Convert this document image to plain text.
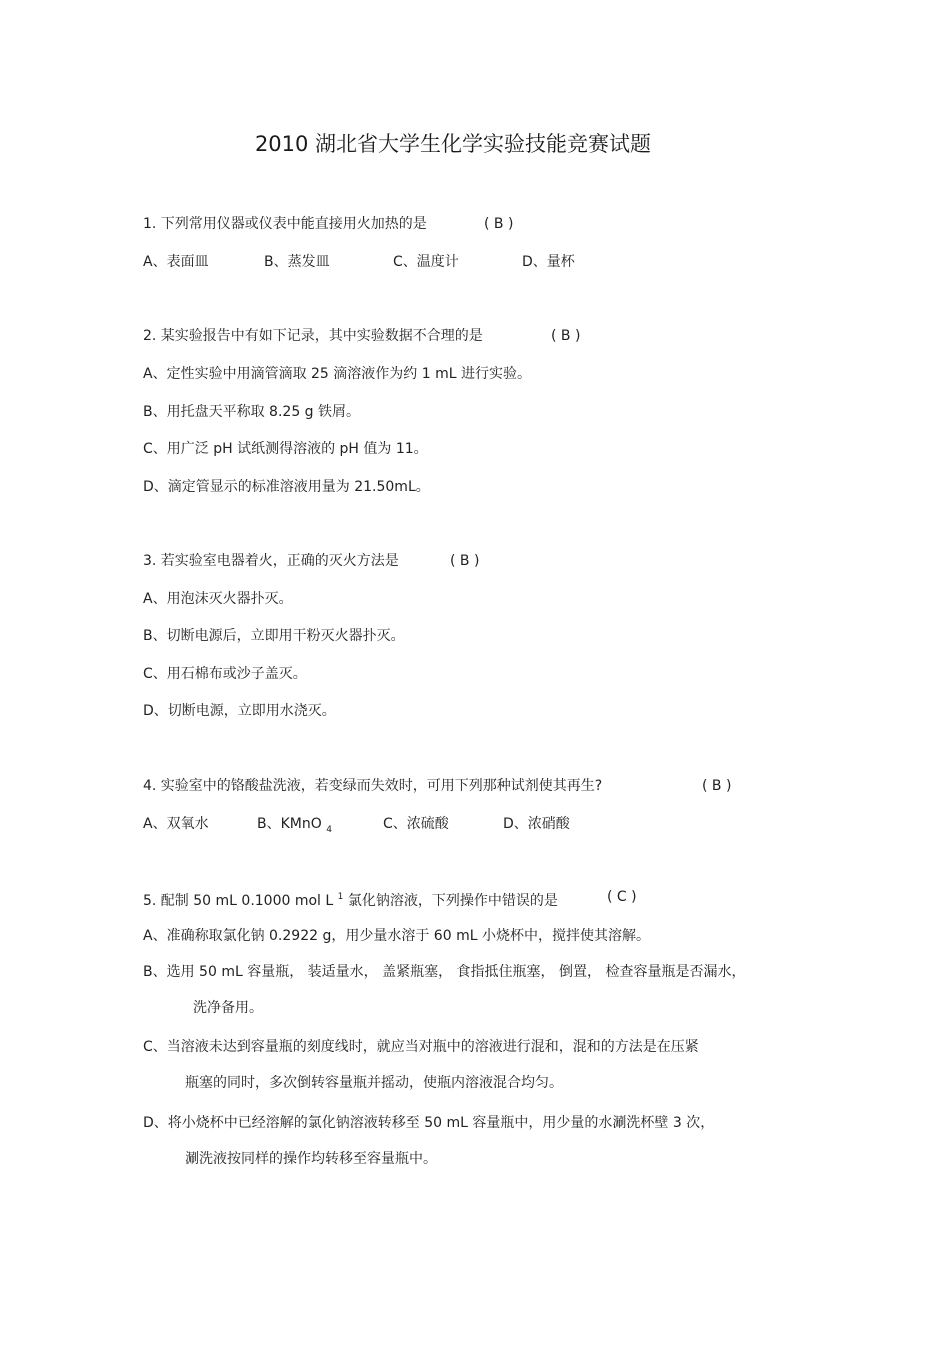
2010 湖北省大学生化学实验技能竞赛试题
1. 下列常用仪器或仪表中能直接用火加热的是	( B )
A、表面皿	B、蒸发皿	C、温度计	D、量杯
2. 某实验报告中有如下记录，其中实验数据不合理的是	( B )
A、定性实验中用滴管滴取 25 滴溶液作为约 1 mL 进行实验。
B、用托盘天平称取 8.25 g 铁屑。
C、用广泛 pH 试纸测得溶液的 pH 值为 11。
D、滴定管显示的标准溶液用量为 21.50mL。
3. 若实验室电器着火，正确的灭火方法是	( B )
A、用泡沫灭火器扑灭。
B、切断电源后，立即用干粉灭火器扑灭。
C、用石棉布或沙子盖灭。
D、切断电源，立即用水浇灭。
4. 实验室中的铬酸盐洗液，若变绿而失效时，可用下列那种试剂使其再生?	( B )
A、双氧水	B、KMnO $_4$	C、浓硫酸	D、浓硝酸
5. 配制 50 mL 0.1000 mol L $^1$ 氯化钠溶液，下列操作中错误的是	( C )
A、准确称取氯化钠 0.2922 g，用少量水溶于 60 mL 小烧杯中，搅拌使其溶解。
B、选用 50 mL 容量瓶， 装适量水， 盖紧瓶塞， 食指抵住瓶塞， 倒置， 检查容量瓶是否漏水，
洗净备用。
C、当溶液未达到容量瓶的刻度线时，就应当对瓶中的溶液进行混和，混和的方法是在压紧
瓶塞的同时，多次倒转容量瓶并摇动，使瓶内溶液混合均匀。
D、将小烧杯中已经溶解的氯化钠溶液转移至 50 mL 容量瓶中，用少量的水涮洗杯壁 3 次，
涮洗液按同样的操作均转移至容量瓶中。
